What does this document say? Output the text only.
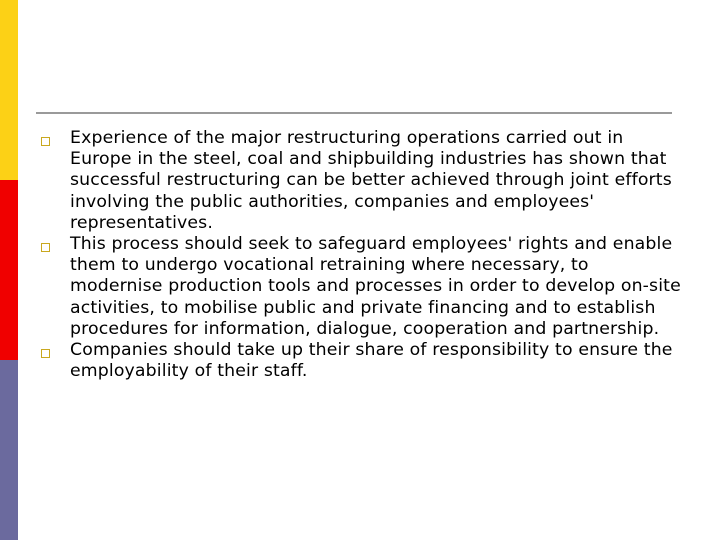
Experience of the major restructuring operations carried out in Europe in the steel, coal and shipbuilding industries has shown that successful restructuring can be better achieved through joint efforts involving the public authorities, companies and employees' representatives.
This process should seek to safeguard employees' rights and enable them to undergo vocational retraining where necessary, to modernise production tools and processes in order to develop on-site activities, to mobilise public and private financing and to establish procedures for information, dialogue, cooperation and partnership.
Companies should take up their share of responsibility to ensure the employability of their staff.
